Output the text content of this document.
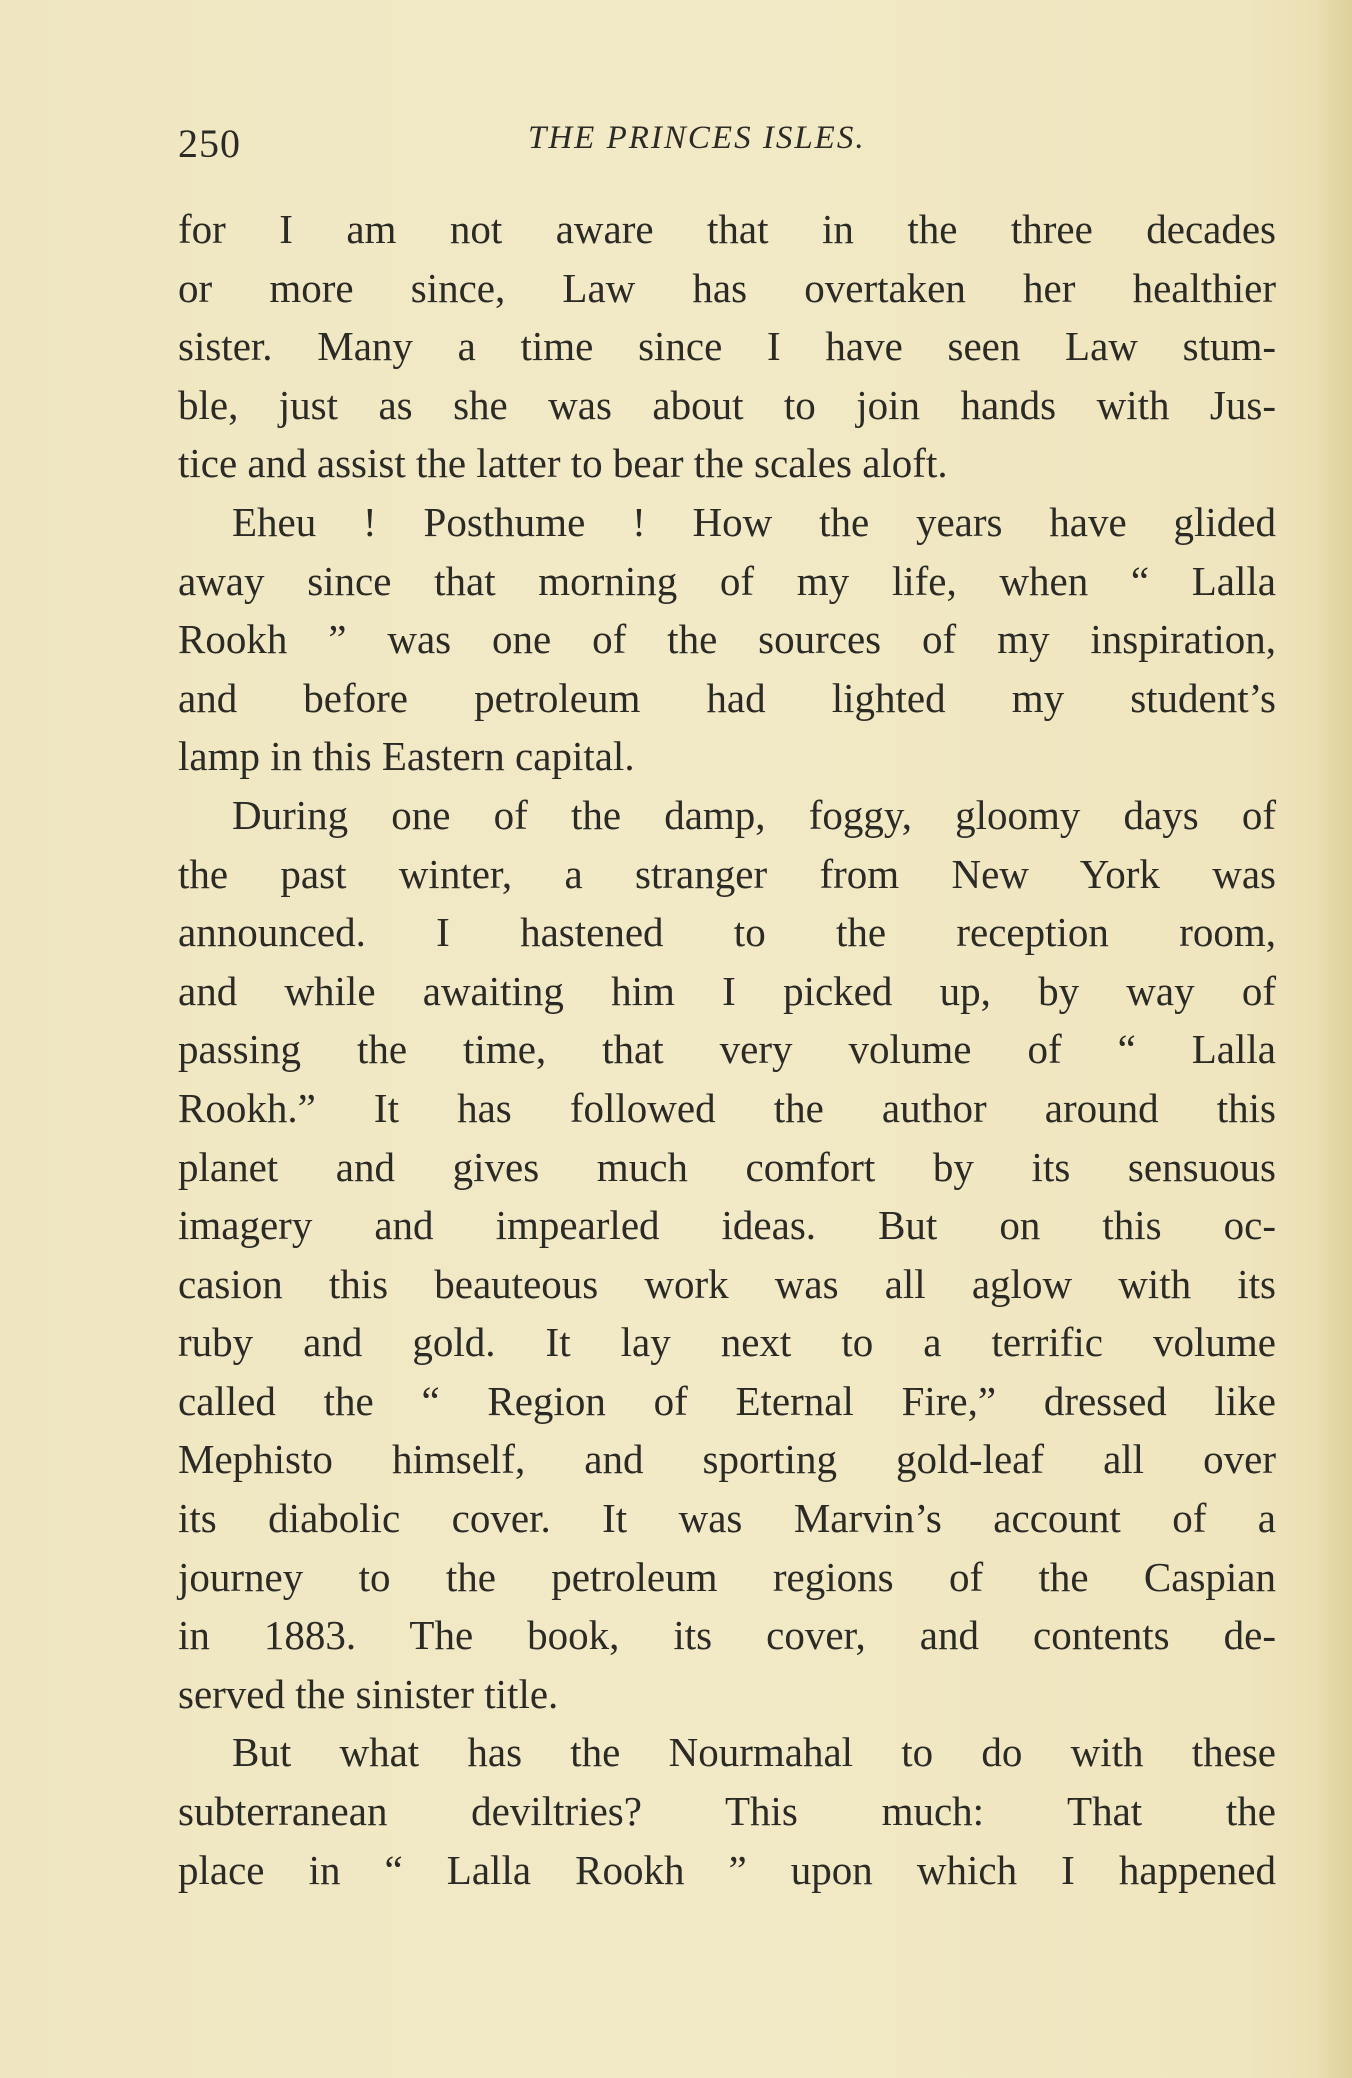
250	THE PRINCES ISLES.
for I am not aware that in the three decades
or more since, Law has overtaken her healthier
sister. Many a time since I have seen Law stum-
ble, just as she was about to join hands with Jus-
tice and assist the latter to bear the scales aloft.
Eheu ! Posthume ! How the years have glided
away since that morning of my life, when “ Lalla
Rookh ” was one of the sources of my inspiration,
and before petroleum had lighted my student’s
lamp in this Eastern capital.
During one of the damp, foggy, gloomy days of
the past winter, a stranger from New York was
announced. I hastened to the reception room,
and while awaiting him I picked up, by way of
passing the time, that very volume of “ Lalla
Rookh.” It has followed the author around this
planet and gives much comfort by its sensuous
imagery and impearled ideas. But on this oc-
casion this beauteous work was all aglow with its
ruby and gold. It lay next to a terrific volume
called the “ Region of Eternal Fire,” dressed like
Mephisto himself, and sporting gold-leaf all over
its diabolic cover. It was Marvin’s account of a
journey to the petroleum regions of the Caspian
in 1883. The book, its cover, and contents de-
served the sinister title.
But what has the Nourmahal to do with these
subterranean deviltries? This much: That the
place in “ Lalla Rookh ” upon which I happened
